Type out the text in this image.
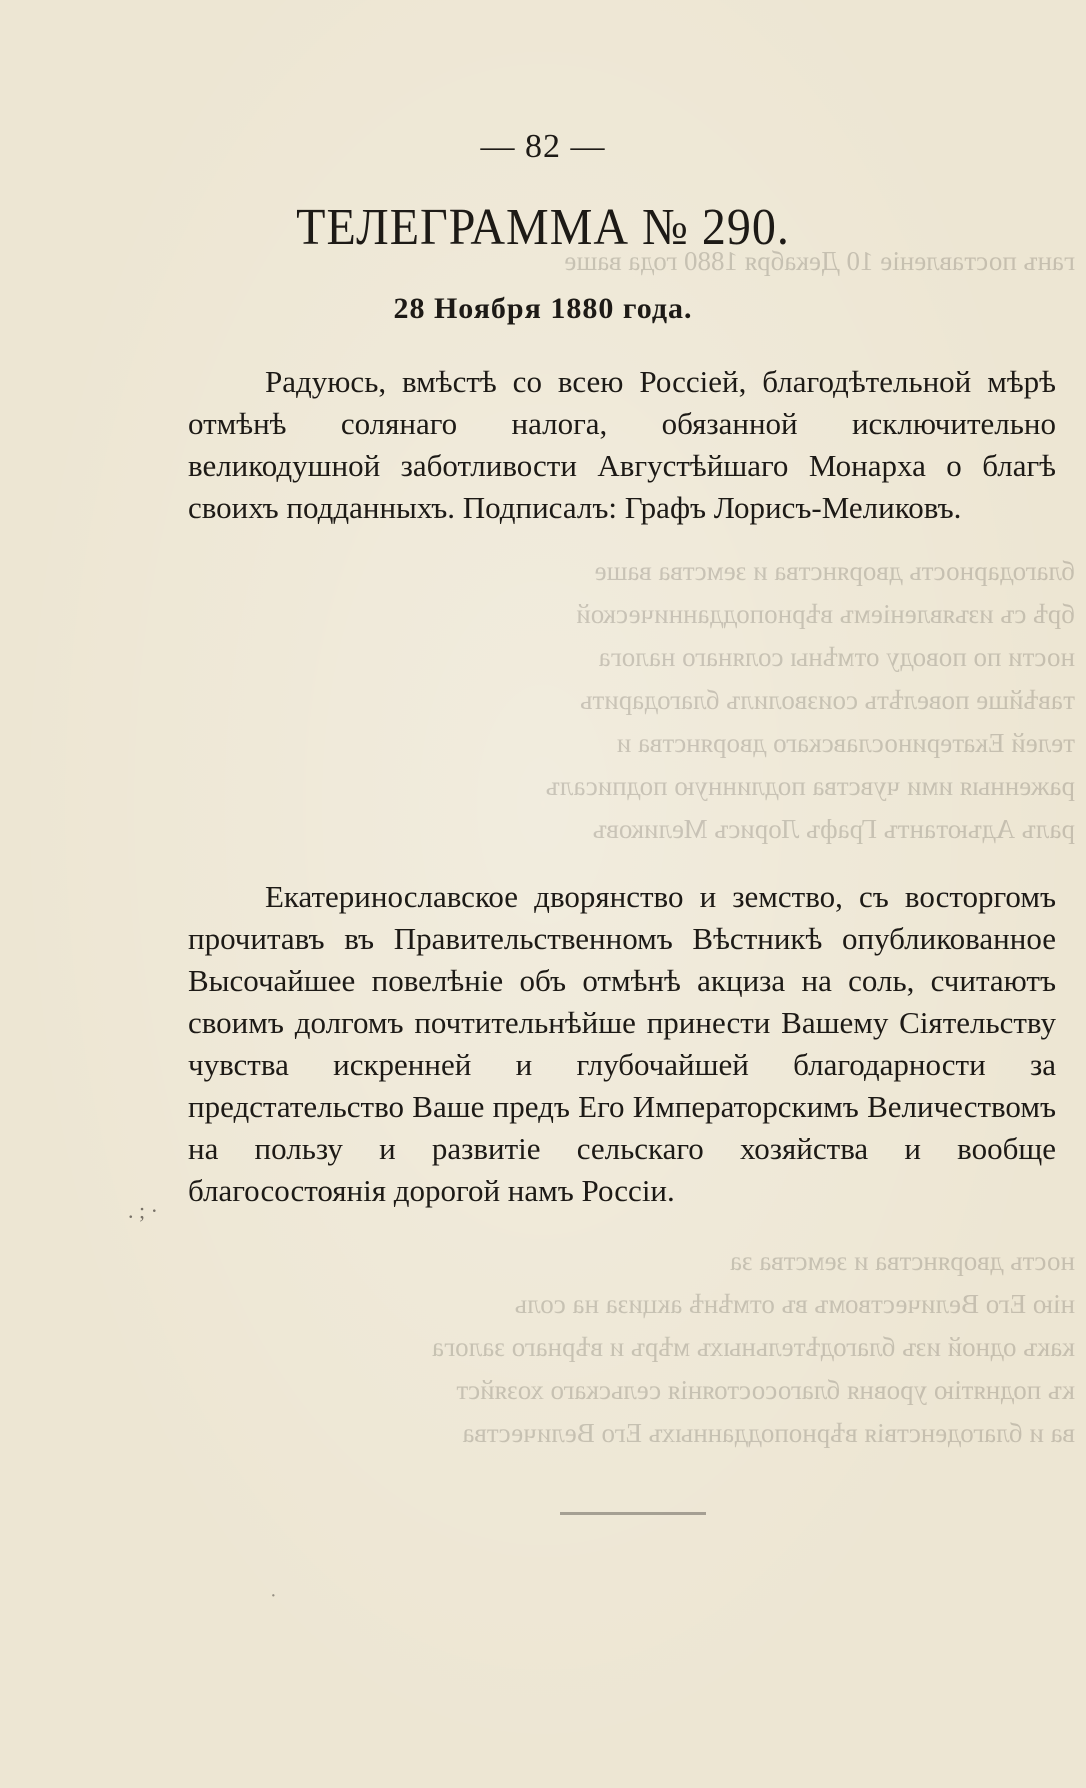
ганъ поставленіе 10 Декабря 1880 года ваше
благодарность дворянства и земства ваше
брѣ съ изъявленіемъ вѣрноподданнической
ности по поводу отмѣны солянаго налога
тавѣйше повелѣть соизволилъ благодарить
телей Екатеринославскаго дворянства и
раженныя ими чувства подлинную подписалъ
ралъ Адъютантъ Графъ Лорисъ Меликовъ
ность дворянства и земства за
нію Его Величествомъ въ отмѣнѣ акциза на соль
какъ одной изъ благодѣтельныхъ мѣръ и вѣрнаго залога
къ поднятію уровня благосостоянія сельскаго хозяйст
ва и благоденствія вѣрноподданныхъ Его Величества
— 82 —
ТЕЛЕГРАММА № 290.
28 Ноября 1880 года.

Радуюсь, вмѣстѣ со всею Россіей, благодѣтельной мѣрѣ отмѣнѣ солянаго налога, обязанной исключительно великодушной заботливости Августѣйшаго Монарха о благѣ своихъ подданныхъ. Подписалъ: Графъ Лорисъ-Меликовъ.

Екатеринославское дворянство и земство, съ восторгомъ прочитавъ въ Правительственномъ Вѣстникѣ опубликованное Высочайшее повелѣніе объ отмѣнѣ акциза на соль, считаютъ своимъ долгомъ почтительнѣйше принести Вашему Сіятельству чувства искренней и глубочайшей благодарности за предстательство Ваше предъ Его Императорскимъ Величествомъ на пользу и развитіе сельскаго хозяйства и вообще благосостоянія дорогой намъ Россіи.

. ; ·
·
